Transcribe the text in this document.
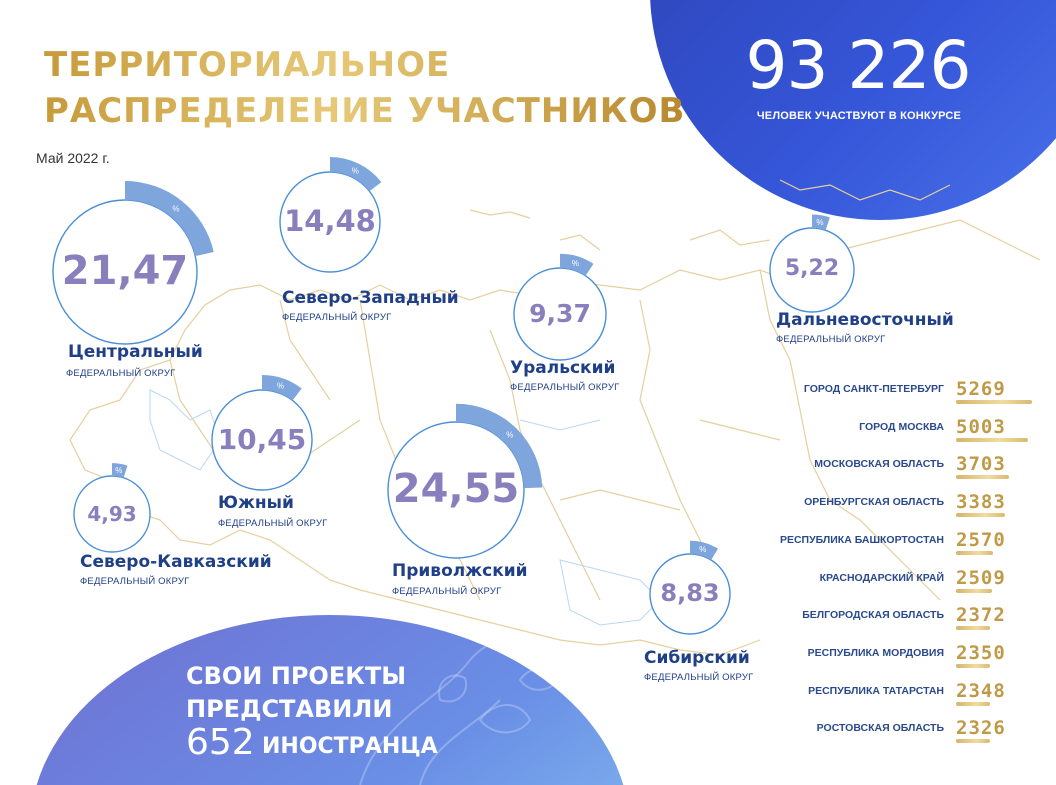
%
%
%
%
%
%
%
%
ТЕРРИТОРИАЛЬНОЕ
РАСПРЕДЕЛЕНИЕ УЧАСТНИКОВ
Май 2022 г.
93 226
ЧЕЛОВЕК УЧАСТВУЮТ В КОНКУРСЕ
21,47
Центральный
ФЕДЕРАЛЬНЫЙ ОКРУГ
14,48
Северо-Западный
ФЕДЕРАЛЬНЫЙ ОКРУГ	9,37
Уральский
ФЕДЕРАЛЬНЫЙ ОКРУГ
5,22
Дальневосточный
ФЕДЕРАЛЬНЫЙ ОКРУГ
10,45
Южный
ФЕДЕРАЛЬНЫЙ ОКРУГ
4,93
Северо-Кавказский
ФЕДЕРАЛЬНЫЙ ОКРУГ
24,55
Приволжский
ФЕДЕРАЛЬНЫЙ ОКРУГ	8,83
Сибирский
ФЕДЕРАЛЬНЫЙ ОКРУГ
ГОРОД САНКТ-ПЕТЕРБУРГ 5269
ГОРОД МОСКВА 5003
МОСКОВСКАЯ ОБЛАСТЬ 3703
ОРЕНБУРГСКАЯ ОБЛАСТЬ 3383
РЕСПУБЛИКА БАШКОРТОСТАН 2570
КРАСНОДАРСКИЙ КРАЙ 2509
БЕЛГОРОДСКАЯ ОБЛАСТЬ 2372
РЕСПУБЛИКА МОРДОВИЯ 2350
РЕСПУБЛИКА ТАТАРСТАН 2348
РОСТОВСКАЯ ОБЛАСТЬ 2326
СВОИ ПРОЕКТЫ
ПРЕДСТАВИЛИ
652 ИНОСТРАНЦА
